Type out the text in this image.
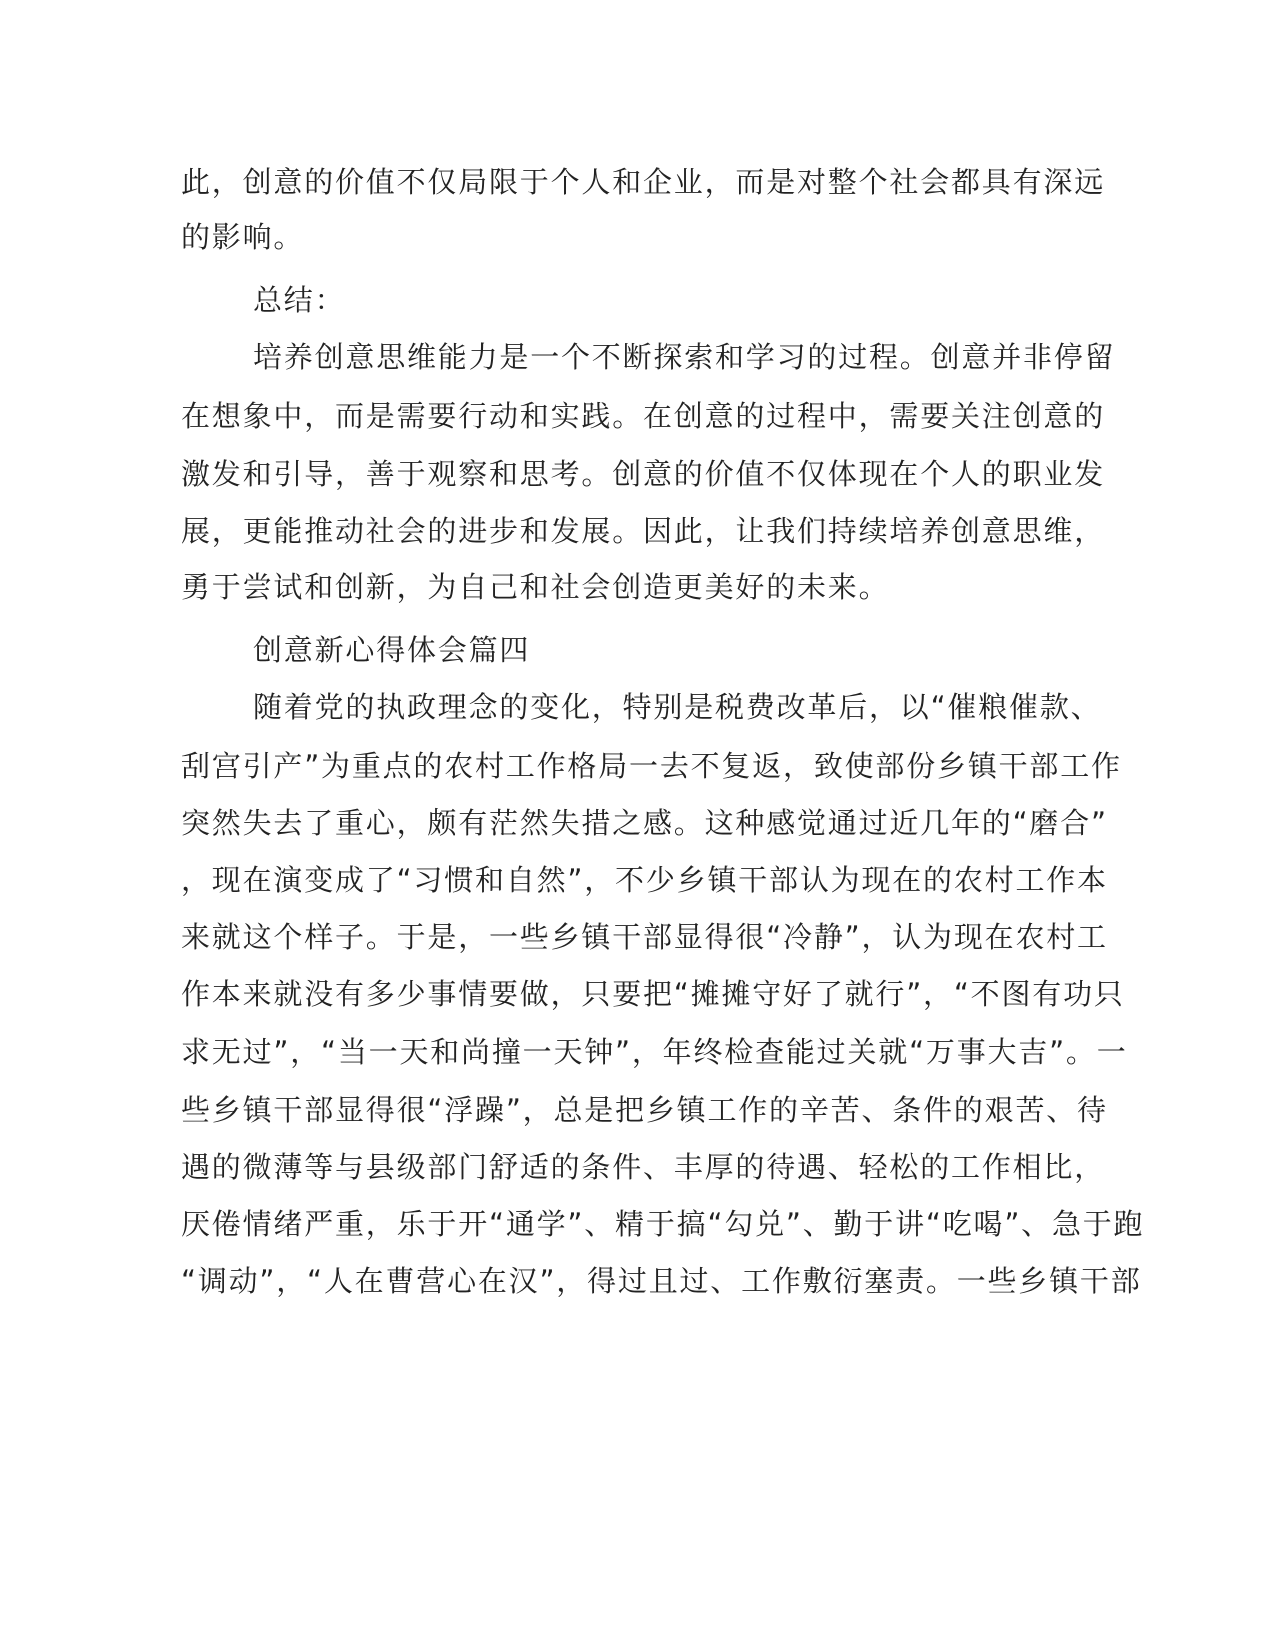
此，创意的价值不仅局限于个人和企业，而是对整个社会都具有深远
的影响。
总结：
培养创意思维能力是一个不断探索和学习的过程。创意并非停留
在想象中，而是需要行动和实践。在创意的过程中，需要关注创意的
激发和引导，善于观察和思考。创意的价值不仅体现在个人的职业发
展，更能推动社会的进步和发展。因此，让我们持续培养创意思维，
勇于尝试和创新，为自己和社会创造更美好的未来。
创意新心得体会篇四
随着党的执政理念的变化，特别是税费改革后，以“催粮催款、
刮宫引产”为重点的农村工作格局一去不复返，致使部份乡镇干部工作
突然失去了重心，颇有茫然失措之感。这种感觉通过近几年的“磨合”
，现在演变成了“习惯和自然”，不少乡镇干部认为现在的农村工作本
来就这个样子。于是，一些乡镇干部显得很“冷静”，认为现在农村工
作本来就没有多少事情要做，只要把“摊摊守好了就行”，“不图有功只
求无过”，“当一天和尚撞一天钟”，年终检查能过关就“万事大吉”。一
些乡镇干部显得很“浮躁”，总是把乡镇工作的辛苦、条件的艰苦、待
遇的微薄等与县级部门舒适的条件、丰厚的待遇、轻松的工作相比，
厌倦情绪严重，乐于开“通学”、精于搞“勾兑”、勤于讲“吃喝”、急于跑
“调动”，“人在曹营心在汉”，得过且过、工作敷衍塞责。一些乡镇干部
